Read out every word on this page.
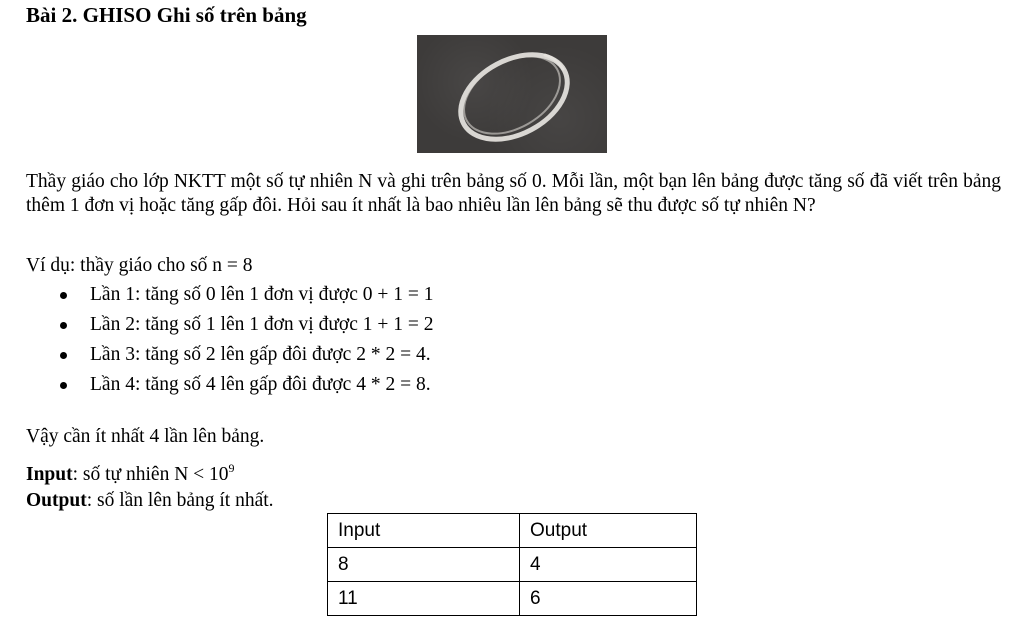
Bài 2. GHISO Ghi số trên bảng
Thầy giáo cho lớp NKTT một số tự nhiên N và ghi trên bảng số 0. Mỗi lần, một bạn lên bảng được tăng số đã viết trên bảng thêm 1 đơn vị hoặc tăng gấp đôi. Hỏi sau ít nhất là bao nhiêu lần lên bảng sẽ thu được số tự nhiên N?
Ví dụ: thầy giáo cho số n = 8
Lần 1: tăng số 0 lên 1 đơn vị được 0 + 1 = 1
Lần 2: tăng số 1 lên 1 đơn vị được 1 + 1 = 2
Lần 3: tăng số 2 lên gấp đôi được 2 * 2 = 4.
Lần 4: tăng số 4 lên gấp đôi được 4 * 2 = 8.
Vậy cần ít nhất 4 lần lên bảng.
Input: số tự nhiên $N < 10^9$
Output: số lần lên bảng ít nhất.
Input	Output
8	4
11	6
